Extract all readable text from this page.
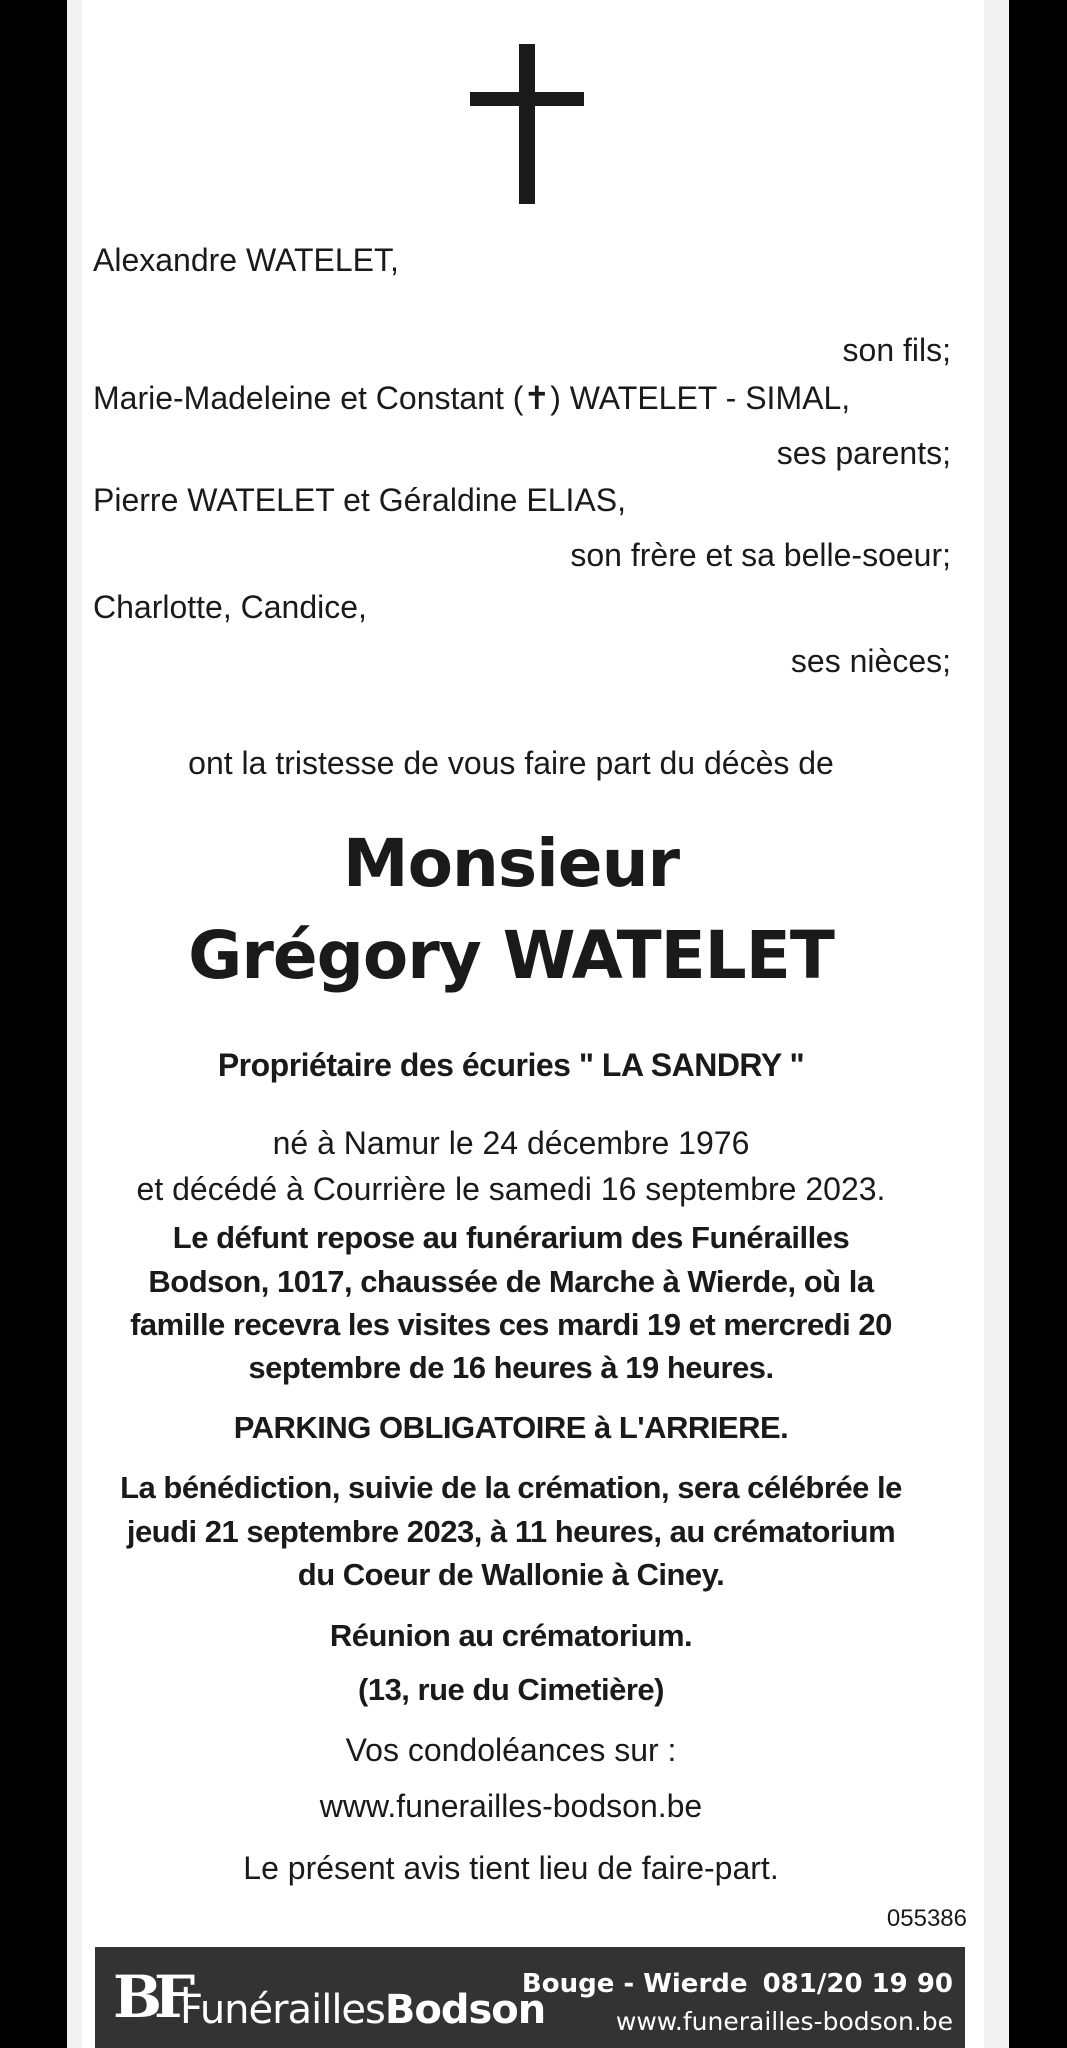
Alexandre WATELET,
son fils;
Marie-Madeleine et Constant (✝) WATELET - SIMAL,
ses parents;
Pierre WATELET et Géraldine ELIAS,
son frère et sa belle-soeur;
Charlotte, Candice,
ses nièces;
ont la tristesse de vous faire part du décès de
Monsieur
Grégory WATELET
Propriétaire des écuries " LA SANDRY "
né à Namur le 24 décembre 1976
et décédé à Courrière le samedi 16 septembre 2023.
Le défunt repose au funérarium des Funérailles
Bodson, 1017, chaussée de Marche à Wierde, où la
famille recevra les visites ces mardi 19 et mercredi 20
septembre de 16 heures à 19 heures.
PARKING OBLIGATOIRE à L'ARRIERE.
La bénédiction, suivie de la crémation, sera célébrée le
jeudi 21 septembre 2023, à 11 heures, au crématorium
du Coeur de Wallonie à Ciney.
Réunion au crématorium.
(13, rue du Cimetière)
Vos condoléances sur :
www.funerailles-bodson.be
Le présent avis tient lieu de faire-part.
055386
BF
FunéraillesBodson
Bouge - Wierde 081/20 19 90
www.funerailles-bodson.be
